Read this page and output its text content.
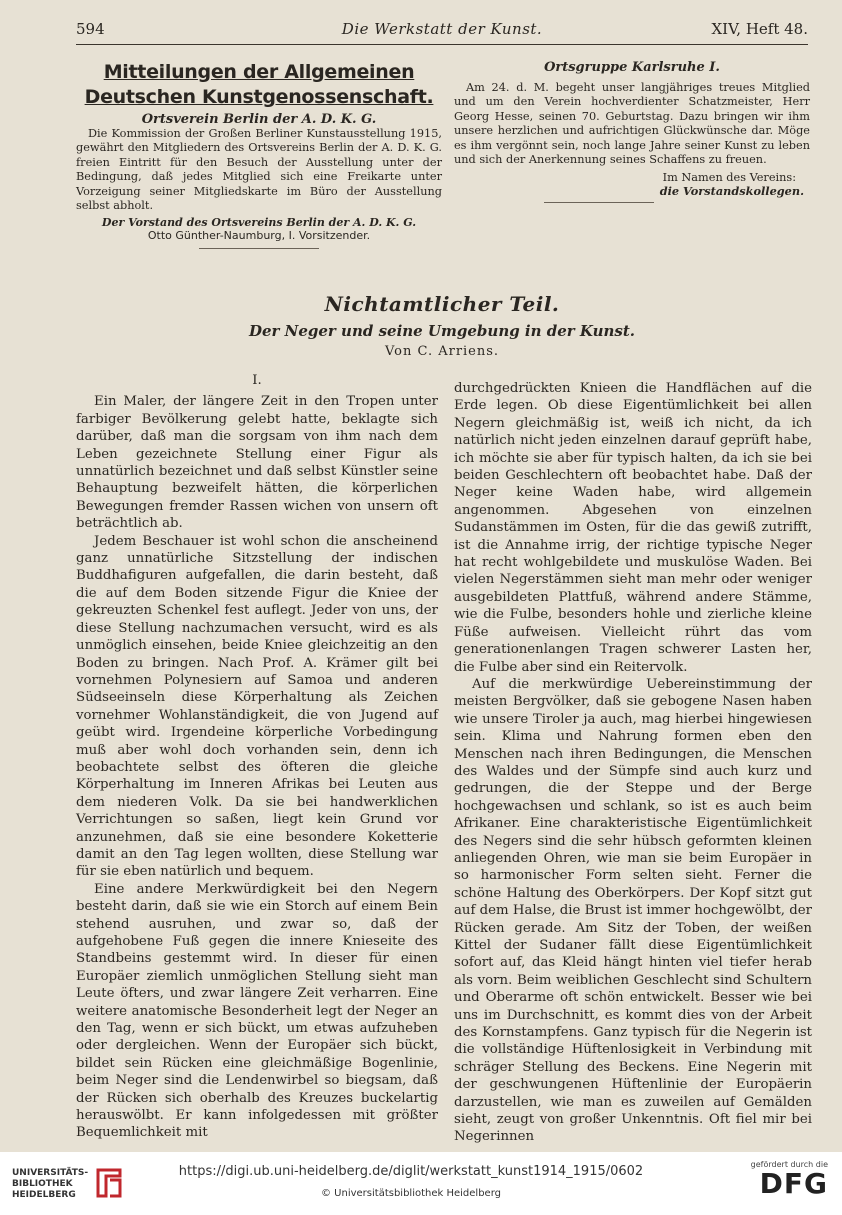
594	Die Werkstatt der Kunst.	XIV, Heft 48.
Mitteilungen der Allgemeinen Deutschen Kunstgenossenschaft.
Ortsverein Berlin der A. D. K. G.
Die Kommission der Großen Berliner Kunstausstellung 1915, gewährt den Mitgliedern des Ortsvereins Berlin der A. D. K. G. freien Eintritt für den Besuch der Ausstellung unter der Bedingung, daß jedes Mitglied sich eine Freikarte unter Vorzeigung seiner Mitgliedskarte im Büro der Ausstellung selbst abholt.
Der Vorstand des Ortsvereins Berlin der A. D. K. G.
Otto Günther-Naumburg, I. Vorsitzender.
Ortsgruppe Karlsruhe I.
Am 24. d. M. begeht unser langjähriges treues Mitglied und um den Verein hochverdienter Schatzmeister, Herr Georg Hesse, seinen 70. Geburtstag. Dazu bringen wir ihm unsere herzlichen und aufrichtigen Glückwünsche dar. Möge es ihm vergönnt sein, noch lange Jahre seiner Kunst zu leben und sich der Anerkennung seines Schaffens zu freuen.
Im Namen des Vereins:
die Vorstandskollegen.
Nichtamtlicher Teil.
Der Neger und seine Umgebung in der Kunst.
Von C. Arriens.
I.

Ein Maler, der längere Zeit in den Tropen unter farbiger Bevölkerung gelebt hatte, beklagte sich darüber, daß man die sorgsam von ihm nach dem Leben gezeichnete Stellung einer Figur als unnatürlich bezeichnet und daß selbst Künstler seine Behauptung bezweifelt hätten, die körperlichen Bewegungen fremder Rassen wichen von unsern oft beträchtlich ab.

Jedem Beschauer ist wohl schon die anscheinend ganz unnatürliche Sitzstellung der indischen Buddhafiguren aufgefallen, die darin besteht, daß die auf dem Boden sitzende Figur die Kniee der gekreuzten Schenkel fest auflegt. Jeder von uns, der diese Stellung nachzumachen versucht, wird es als unmöglich einsehen, beide Kniee gleichzeitig an den Boden zu bringen. Nach Prof. A. Krämer gilt bei vornehmen Polynesiern auf Samoa und anderen Südseeinseln diese Körperhaltung als Zeichen vornehmer Wohlanständigkeit, die von Jugend auf geübt wird. Irgendeine körperliche Vorbedingung muß aber wohl doch vorhanden sein, denn ich beobachtete selbst des öfteren die gleiche Körperhaltung im Inneren Afrikas bei Leuten aus dem niederen Volk. Da sie bei handwerklichen Verrichtungen so saßen, liegt kein Grund vor anzunehmen, daß sie eine besondere Koketterie damit an den Tag legen wollten, diese Stellung war für sie eben natürlich und bequem.

Eine andere Merkwürdigkeit bei den Negern besteht darin, daß sie wie ein Storch auf einem Bein stehend ausruhen, und zwar so, daß der aufgehobene Fuß gegen die innere Knieseite des Standbeins gestemmt wird. In dieser für einen Europäer ziemlich unmöglichen Stellung sieht man Leute öfters, und zwar längere Zeit verharren. Eine weitere anatomische Besonderheit legt der Neger an den Tag, wenn er sich bückt, um etwas aufzuheben oder dergleichen. Wenn der Europäer sich bückt, bildet sein Rücken eine gleichmäßige Bogenlinie, beim Neger sind die Lendenwirbel so biegsam, daß der Rücken sich oberhalb des Kreuzes buckelartig herauswölbt. Er kann infolgedessen mit größter Bequemlichkeit mit

durchgedrückten Knieen die Handflächen auf die Erde legen. Ob diese Eigentümlichkeit bei allen Negern gleichmäßig ist, weiß ich nicht, da ich natürlich nicht jeden einzelnen darauf geprüft habe, ich möchte sie aber für typisch halten, da ich sie bei beiden Geschlechtern oft beobachtet habe. Daß der Neger keine Waden habe, wird allgemein angenommen. Abgesehen von einzelnen Sudanstämmen im Osten, für die das gewiß zutrifft, ist die Annahme irrig, der richtige typische Neger hat recht wohlgebildete und muskulöse Waden. Bei vielen Negerstämmen sieht man mehr oder weniger ausgebildeten Plattfuß, während andere Stämme, wie die Fulbe, besonders hohle und zierliche kleine Füße aufweisen. Vielleicht rührt das vom generationenlangen Tragen schwerer Lasten her, die Fulbe aber sind ein Reitervolk.

Auf die merkwürdige Uebereinstimmung der meisten Bergvölker, daß sie gebogene Nasen haben wie unsere Tiroler ja auch, mag hierbei hingewiesen sein. Klima und Nahrung formen eben den Menschen nach ihren Bedingungen, die Menschen des Waldes und der Sümpfe sind auch kurz und gedrungen, die der Steppe und der Berge hochgewachsen und schlank, so ist es auch beim Afrikaner. Eine charakteristische Eigentümlichkeit des Negers sind die sehr hübsch geformten kleinen anliegenden Ohren, wie man sie beim Europäer in so harmonischer Form selten sieht. Ferner die schöne Haltung des Oberkörpers. Der Kopf sitzt gut auf dem Halse, die Brust ist immer hochgewölbt, der Rücken gerade. Am Sitz der Toben, der weißen Kittel der Sudaner fällt diese Eigentümlichkeit sofort auf, das Kleid hängt hinten viel tiefer herab als vorn. Beim weiblichen Geschlecht sind Schultern und Oberarme oft schön entwickelt. Besser wie bei uns im Durchschnitt, es kommt dies von der Arbeit des Kornstampfens. Ganz typisch für die Negerin ist die vollständige Hüftenlosigkeit in Verbindung mit schräger Stellung des Beckens. Eine Negerin mit der geschwungenen Hüftenlinie der Europäerin darzustellen, wie man es zuweilen auf Gemälden sieht, zeugt von großer Unkenntnis. Oft fiel mir bei Negerinnen

UNIVERSITÄTS-
BIBLIOTHEK
HEIDELBERG
https://digi.ub.uni-heidelberg.de/diglit/werkstatt_kunst1914_1915/0602
© Universitätsbibliothek Heidelberg
gefördert durch die
DFG
